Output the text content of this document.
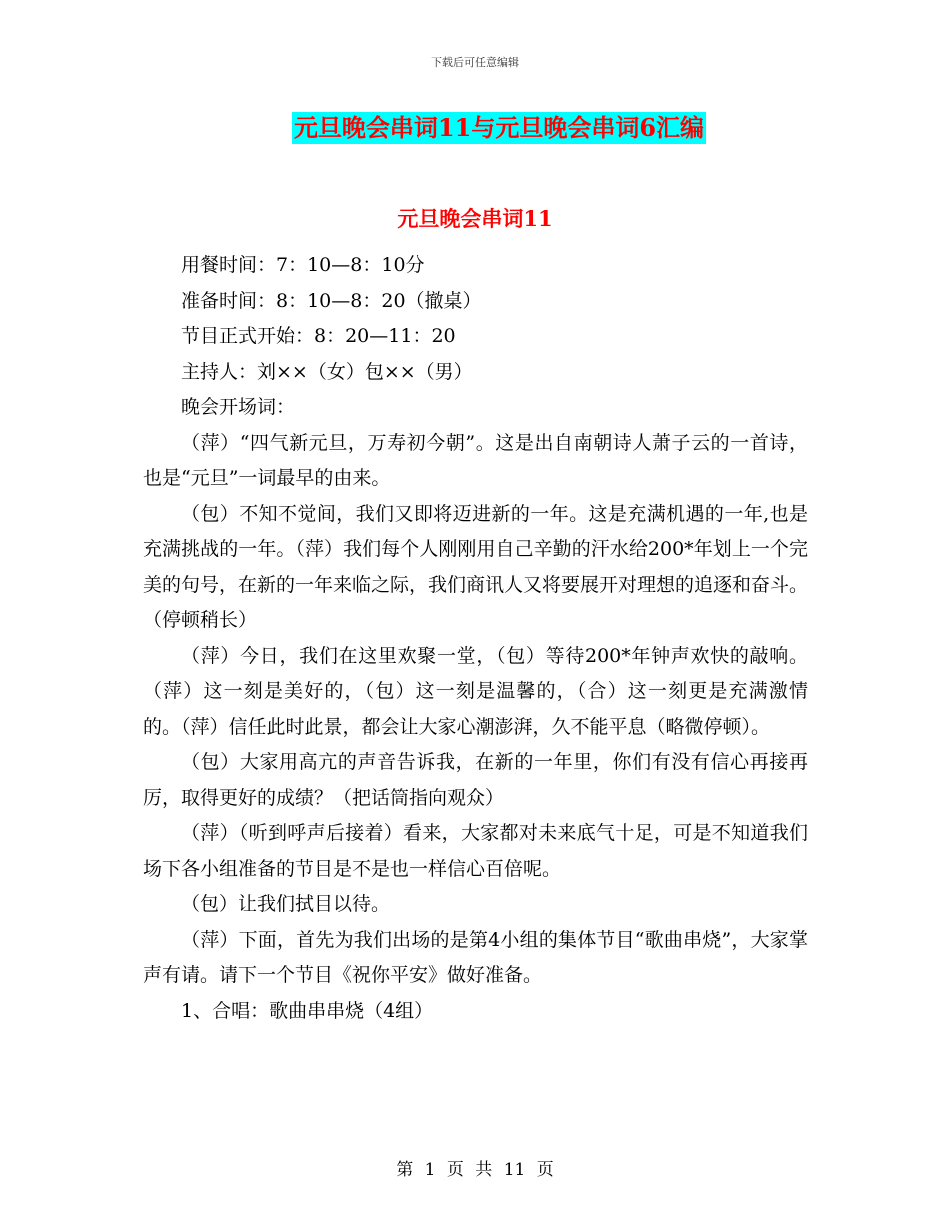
下载后可任意编辑
元旦晚会串词11与元旦晚会串词6汇编
元旦晚会串词11

用餐时间：7：10—8：10分

准备时间：8：10—8：20（撤桌）

节目正式开始：8：20—11：20

主持人：刘××（女）包××（男）

晚会开场词：

（萍）“四气新元旦，万寿初今朝”。这是出自南朝诗人萧子云的一首诗，也是“元旦”一词最早的由来。

（包）不知不觉间，我们又即将迈进新的一年。这是充满机遇的一年,也是充满挑战的一年。（萍）我们每个人刚刚用自己辛勤的汗水给200*年划上一个完美的句号，在新的一年来临之际，我们商讯人又将要展开对理想的追逐和奋斗。（停顿稍长）

（萍）今日，我们在这里欢聚一堂，（包）等待200*年钟声欢快的敲响。（萍）这一刻是美好的，（包）这一刻是温馨的，（合）这一刻更是充满激情的。（萍）信任此时此景，都会让大家心潮澎湃，久不能平息（略微停顿）。

（包）大家用高亢的声音告诉我，在新的一年里，你们有没有信心再接再厉，取得更好的成绩？（把话筒指向观众）

（萍）（听到呼声后接着）看来，大家都对未来底气十足，可是不知道我们场下各小组准备的节目是不是也一样信心百倍呢。

（包）让我们拭目以待。

（萍）下面，首先为我们出场的是第4小组的集体节目“歌曲串烧”，大家掌声有请。请下一个节目《祝你平安》做好准备。

1、合唱：歌曲串串烧（4组）

第 1 页 共 11 页
